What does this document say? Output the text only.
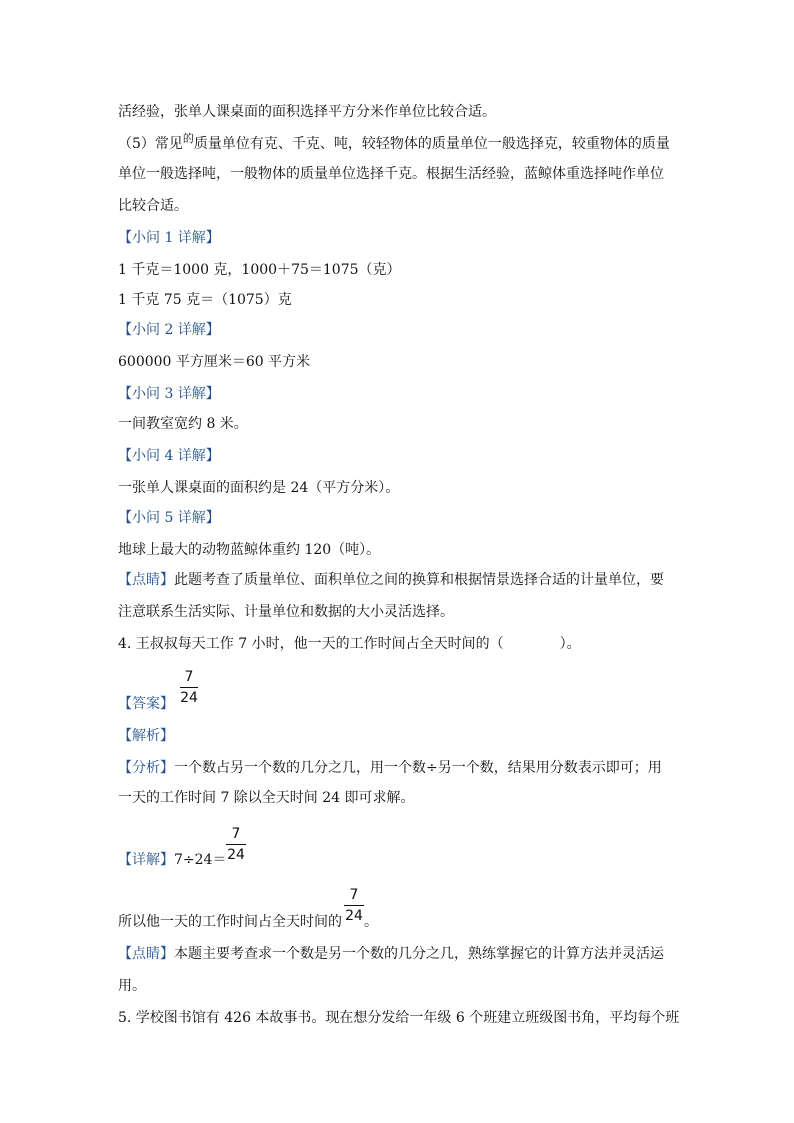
活经验，张单人课桌面的面积选择平方分米作单位比较合适。
（5）常见$^的$质量单位有克、千克、吨，较轻物体的质量单位一般选择克，较重物体的质量
单位一般选择吨，一般物体的质量单位选择千克。根据生活经验，蓝鲸体重选择吨作单位
比较合适。
【小问 1 详解】
1 千克＝1000 克，1000＋75＝1075（克）
1 千克 75 克＝（1075）克
【小问 2 详解】
600000 平方厘米＝60 平方米
【小问 3 详解】
一间教室宽约 8 米。
【小问 4 详解】
一张单人课桌面的面积约是 24（平方分米）。
【小问 5 详解】
地球上最大的动物蓝鲸体重约 120（吨）。
【点睛】此题考查了质量单位、面积单位之间的换算和根据情景选择合适的计量单位，要
注意联系生活实际、计量单位和数据的大小灵活选择。
4. 王叔叔每天工作 7 小时，他一天的工作时间占全天时间的（	）。
【答案】
7
24
【解析】
【分析】一个数占另一个数的几分之几，用一个数÷另一个数，结果用分数表示即可；用
一天的工作时间 7 除以全天时间 24 即可求解。
【详解】7÷24＝
7
24
所以他一天的工作时间占全天时间的 。
7
24
【点睛】本题主要考查求一个数是另一个数的几分之几，熟练掌握它的计算方法并灵活运
用。
5. 学校图书馆有 426 本故事书。现在想分发给一年级 6 个班建立班级图书角，平均每个班
